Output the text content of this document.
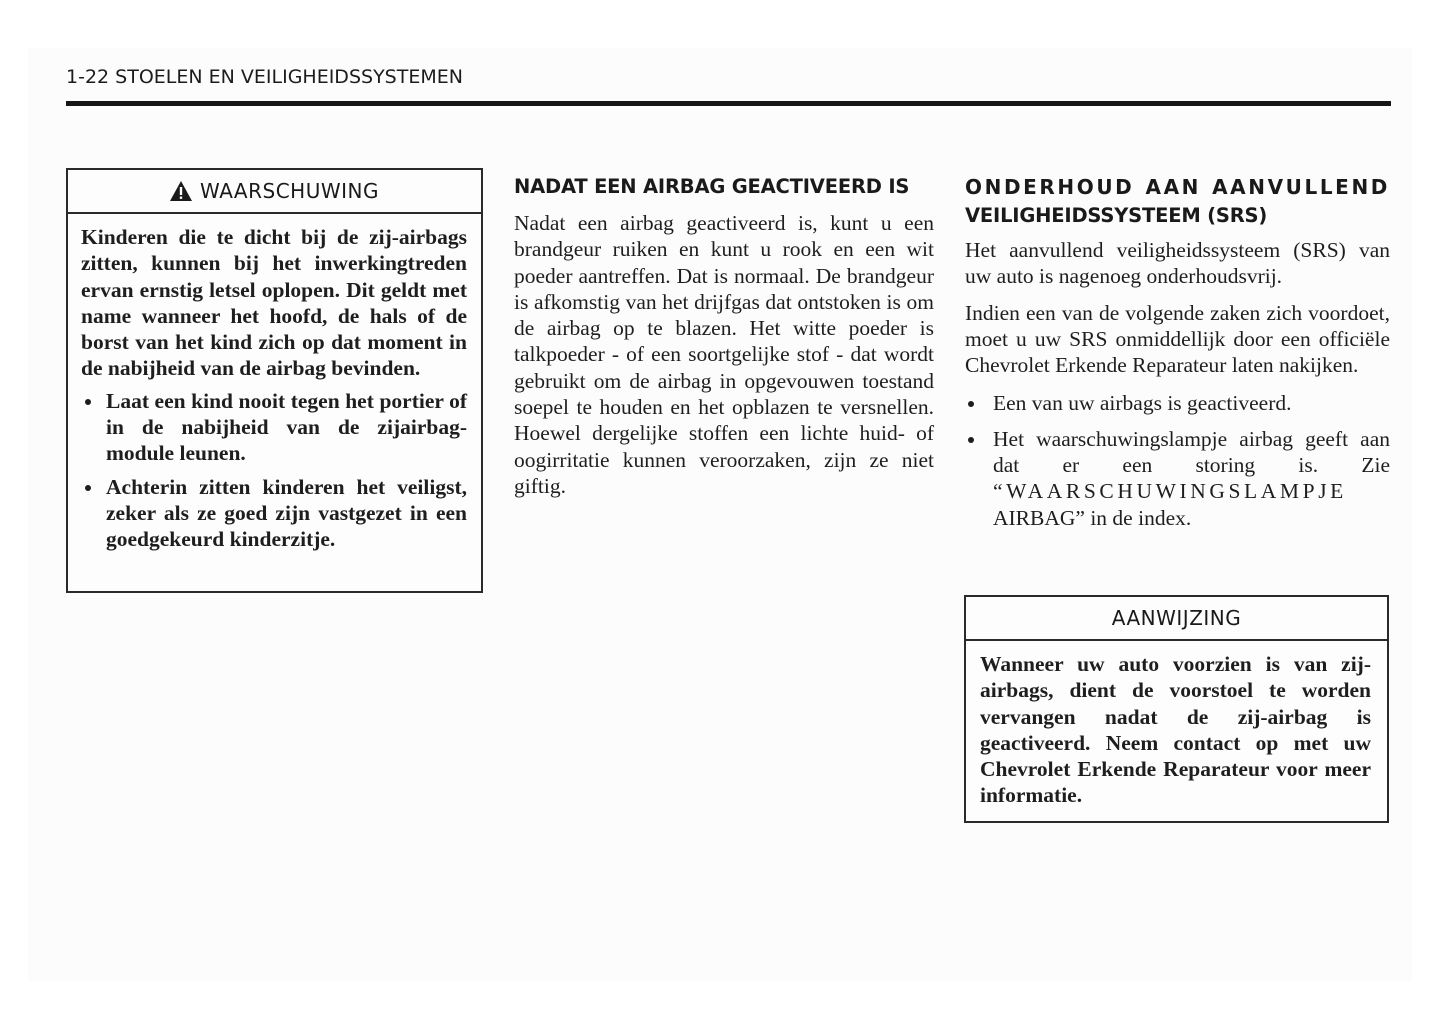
1-22 STOELEN EN VEILIGHEIDSSYSTEMEN
WAARSCHUWING

Kinderen die te dicht bij de zij-airbags zitten, kunnen bij het inwerkingtreden ervan ernstig letsel oplopen. Dit geldt met name wanneer het hoofd, de hals of de borst van het kind zich op dat moment in de nabijheid van de airbag bevinden.

Laat een kind nooit tegen het portier of in de nabijheid van de zijairbag-module leunen.
Achterin zitten kinderen het veiligst, zeker als ze goed zijn vastgezet in een goedgekeurd kinderzitje.
NADAT EEN AIRBAG GEACTIVEERD IS

Nadat een airbag geactiveerd is, kunt u een brandgeur ruiken en kunt u rook en een wit poeder aantreffen. Dat is normaal. De brandgeur is afkomstig van het drijfgas dat ontstoken is om de airbag op te blazen. Het witte poeder is talkpoeder - of een soortgelijke stof - dat wordt gebruikt om de airbag in opgevouwen toestand soepel te houden en het opblazen te versnellen. Hoewel dergelijke stoffen een lichte huid- of oogirritatie kunnen veroorzaken, zijn ze niet giftig.

ONDERHOUD AAN AANVULLEND
VEILIGHEIDSSYSTEEM (SRS)

Het aanvullend veiligheidssysteem (SRS) van uw auto is nagenoeg onderhoudsvrij.

Indien een van de volgende zaken zich voordoet, moet u uw SRS onmiddellijk door een officiële Chevrolet Erkende Reparateur laten nakijken.

Een van uw airbags is geactiveerd.
Het waarschuwingslampje airbag geeft aan dat er een storing is. Zie “WAARSCHUWINGSLAMPJE AIRBAG” in de index.
AANWIJZING

Wanneer uw auto voorzien is van zij-airbags, dient de voorstoel te worden vervangen nadat de zij-airbag is geactiveerd. Neem contact op met uw Chevrolet Erkende Reparateur voor meer informatie.
